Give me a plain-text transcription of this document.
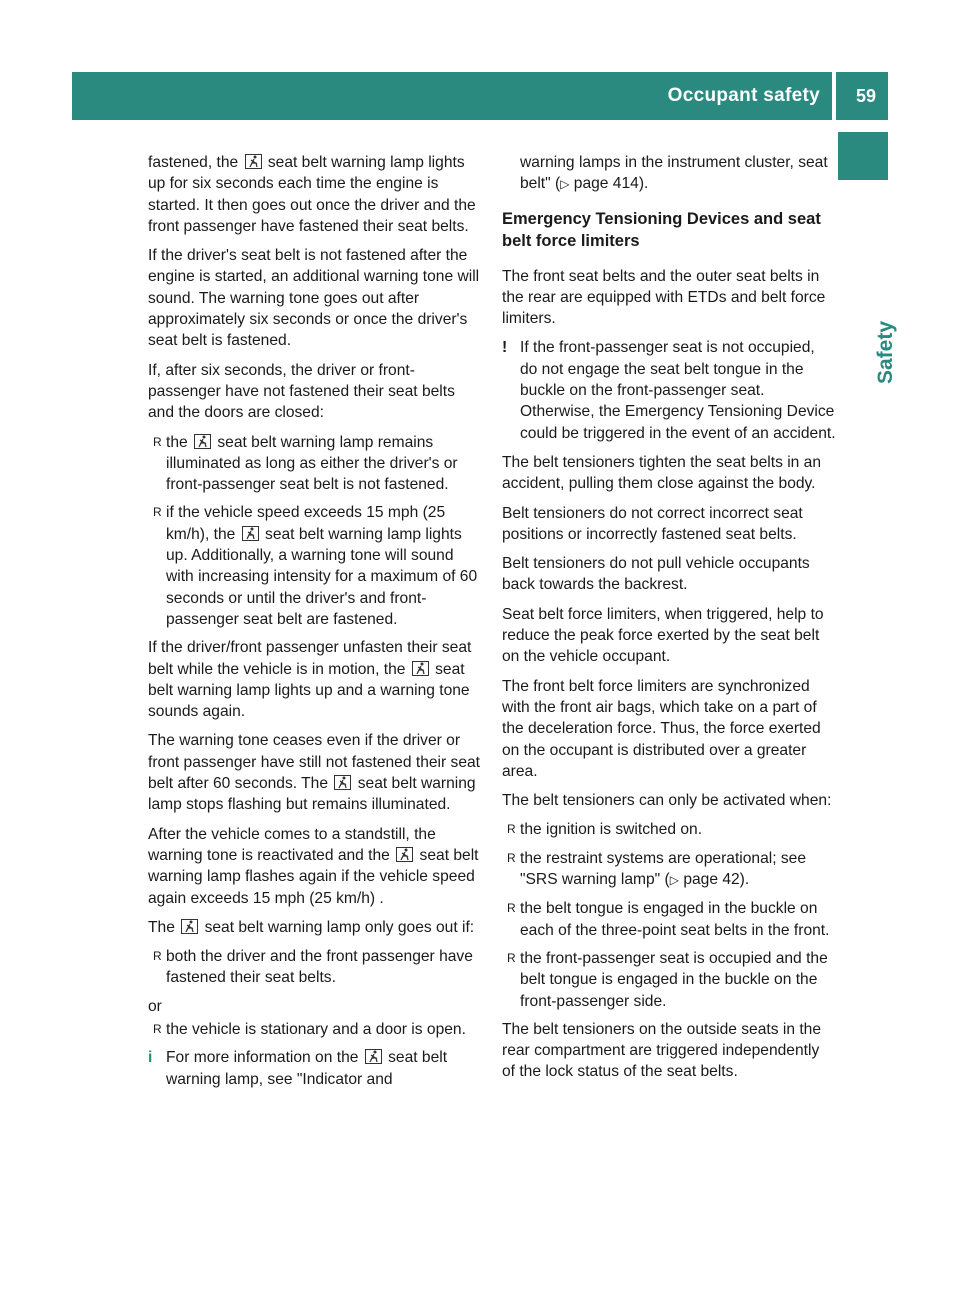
Occupant safety 59
Safety

fastened, the seat belt warning lamp lights up for six seconds each time the engine is started. It then goes out once the driver and the front passenger have fastened their seat belts.

If the driver's seat belt is not fastened after the engine is started, an additional warning tone will sound. The warning tone goes out after approximately six seconds or once the driver's seat belt is fastened.

If, after six seconds, the driver or front-passenger have not fastened their seat belts and the doors are closed:

R the seat belt warning lamp remains illuminated as long as either the driver's or front-passenger seat belt is not fastened.
R if the vehicle speed exceeds 15 mph (25 km/h), the seat belt warning lamp lights up. Additionally, a warning tone will sound with increasing intensity for a maximum of 60 seconds or until the driver's and front-passenger seat belt are fastened.

If the driver/front passenger unfasten their seat belt while the vehicle is in motion, the seat belt warning lamp lights up and a warning tone sounds again.

The warning tone ceases even if the driver or front passenger have still not fastened their seat belt after 60 seconds. The seat belt warning lamp stops flashing but remains illuminated.

After the vehicle comes to a standstill, the warning tone is reactivated and the seat belt warning lamp flashes again if the vehicle speed again exceeds 15 mph (25 km/h) .

The seat belt warning lamp only goes out if:

R both the driver and the front passenger have fastened their seat belts.

or

R the vehicle is stationary and a door is open.
i For more information on the seat belt warning lamp, see "Indicator and
warning lamps in the instrument cluster, seat belt" (▷ page 414).
Emergency Tensioning Devices and seat belt force limiters

The front seat belts and the outer seat belts in the rear are equipped with ETDs and belt force limiters.

! If the front-passenger seat is not occupied, do not engage the seat belt tongue in the buckle on the front-passenger seat. Otherwise, the Emergency Tensioning Device could be triggered in the event of an accident.

The belt tensioners tighten the seat belts in an accident, pulling them close against the body.

Belt tensioners do not correct incorrect seat positions or incorrectly fastened seat belts.

Belt tensioners do not pull vehicle occupants back towards the backrest.

Seat belt force limiters, when triggered, help to reduce the peak force exerted by the seat belt on the vehicle occupant.

The front belt force limiters are synchronized with the front air bags, which take on a part of the deceleration force. Thus, the force exerted on the occupant is distributed over a greater area.

The belt tensioners can only be activated when:

R the ignition is switched on.
R the restraint systems are operational; see "SRS warning lamp" (▷ page 42).
R the belt tongue is engaged in the buckle on each of the three-point seat belts in the front.
R the front-passenger seat is occupied and the belt tongue is engaged in the buckle on the front-passenger side.

The belt tensioners on the outside seats in the rear compartment are triggered independently of the lock status of the seat belts.
